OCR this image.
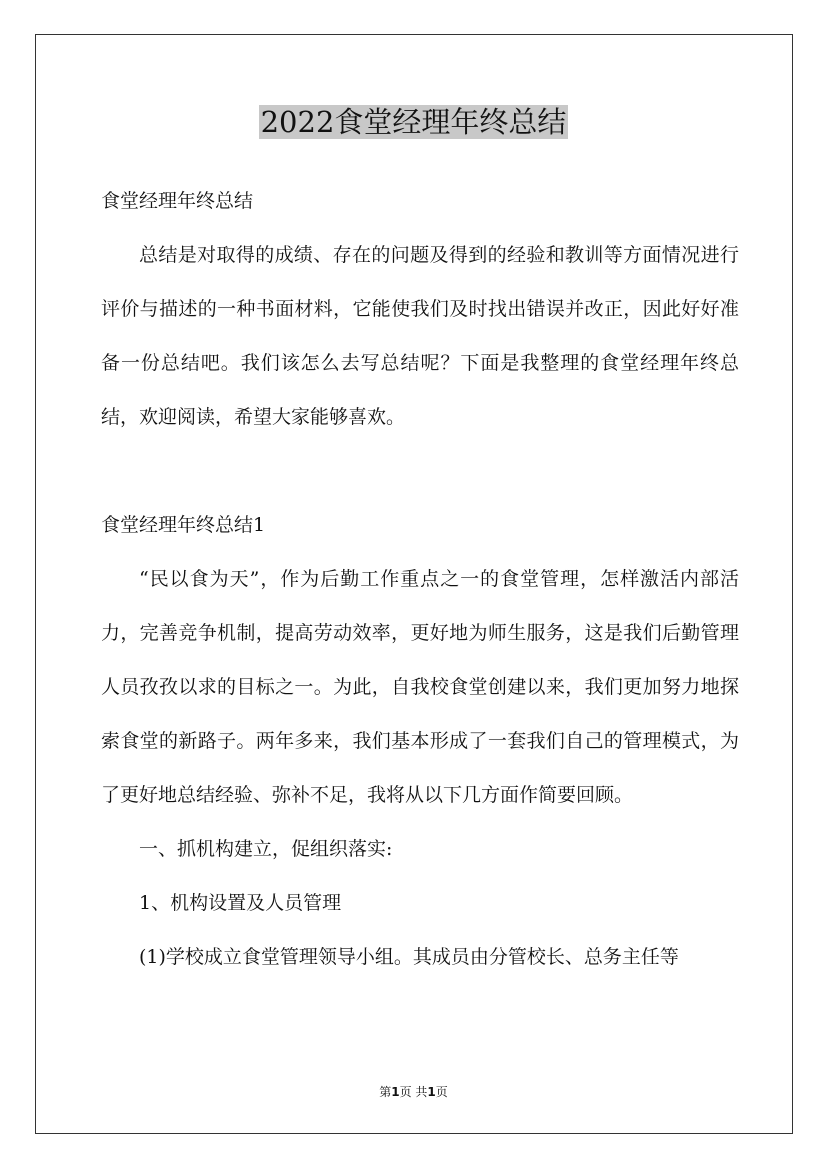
2022食堂经理年终总结

食堂经理年终总结

总结是对取得的成绩、存在的问题及得到的经验和教训等方面情况进行评价与描述的一种书面材料，它能使我们及时找出错误并改正，因此好好准备一份总结吧。我们该怎么去写总结呢？下面是我整理的食堂经理年终总结，欢迎阅读，希望大家能够喜欢。

食堂经理年终总结1

“民以食为天”，作为后勤工作重点之一的食堂管理，怎样激活内部活力，完善竞争机制，提高劳动效率，更好地为师生服务，这是我们后勤管理人员孜孜以求的目标之一。为此，自我校食堂创建以来，我们更加努力地探索食堂的新路子。两年多来，我们基本形成了一套我们自己的管理模式，为了更好地总结经验、弥补不足，我将从以下几方面作简要回顾。

一、抓机构建立，促组织落实:

1、机构设置及人员管理

(1)学校成立食堂管理领导小组。其成员由分管校长、总务主任等

第1页 共1页
